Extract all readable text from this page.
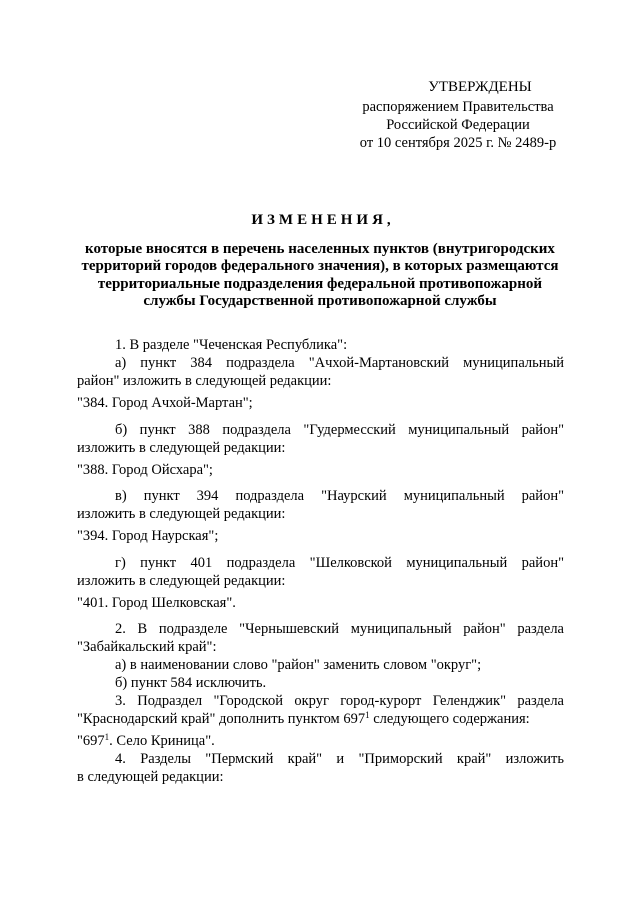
УТВЕРЖДЕНЫ
распоряжением Правительства
Российской Федерации
от 10 сентября 2025 г. № 2489-р
ИЗМЕНЕНИЯ,
которые вносятся в перечень населенных пунктов (внутригородских
территорий городов федерального значения), в которых размещаются
территориальные подразделения федеральной противопожарной
службы Государственной противопожарной службы

1. В разделе "Чеченская Республика":

а) пункт 384 подраздела "Ачхой-Мартановский муниципальный

район" изложить в следующей редакции:

"384. Город Ачхой-Мартан";

б) пункт 388 подраздела "Гудермесский муниципальный район"

изложить в следующей редакции:

"388. Город Ойсхара";

в) пункт 394 подраздела "Наурский муниципальный район"

изложить в следующей редакции:

"394. Город Наурская";

г) пункт 401 подраздела "Шелковской муниципальный район"

изложить в следующей редакции:

"401. Город Шелковская".

2. В подразделе "Чернышевский муниципальный район" раздела

"Забайкальский край":

а) в наименовании слово "район" заменить словом "округ";

б) пункт 584 исключить.

3. Подраздел "Городской округ город-курорт Геленджик" раздела

"Краснодарский край" дополнить пунктом $697^1$ следующего содержания:

"$697^1$. Село Криница".

4. Разделы "Пермский край" и "Приморский край" изложить

в следующей редакции:
